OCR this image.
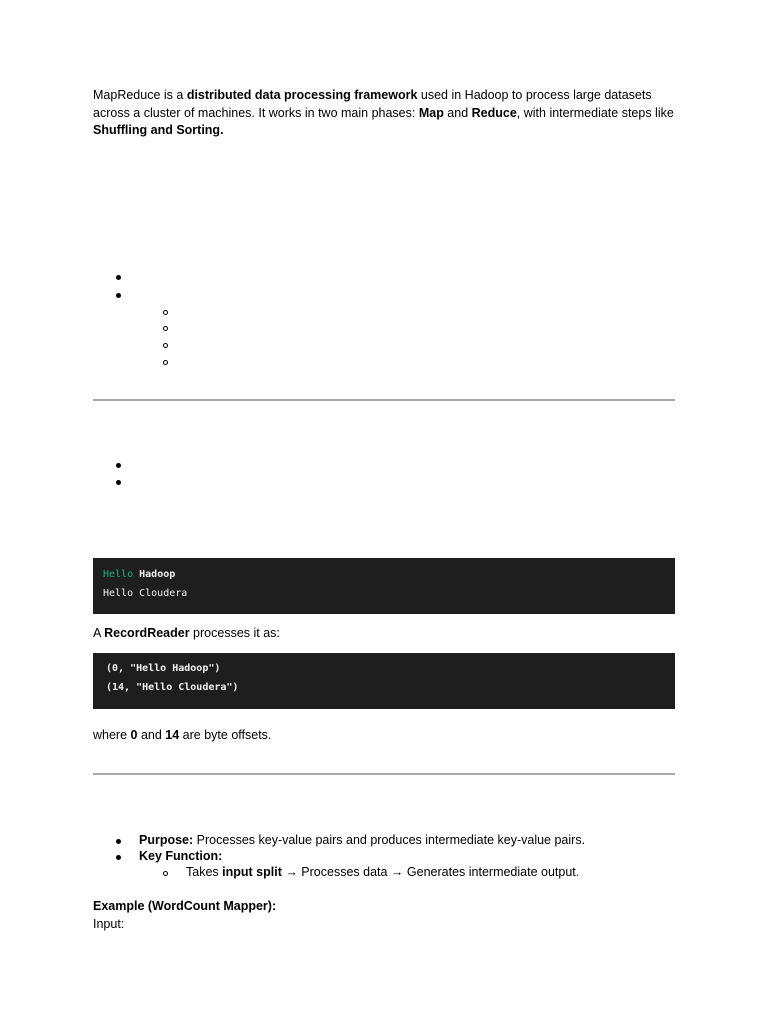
MapReduce is a distributed data processing framework used in Hadoop to process large datasets across a cluster of machines. It works in two main phases: Map and Reduce, with intermediate steps like Shuffling and Sorting.

Hello Hadoop
Hello Cloudera
A RecordReader processes it as:
(0, "Hello Hadoop")
(14, "Hello Cloudera")
where 0 and 14 are byte offsets.
Purpose: Processes key-value pairs and produces intermediate key-value pairs.
Key Function:
Takes input split → Processes data → Generates intermediate output.
Example (WordCount Mapper):
Input:
